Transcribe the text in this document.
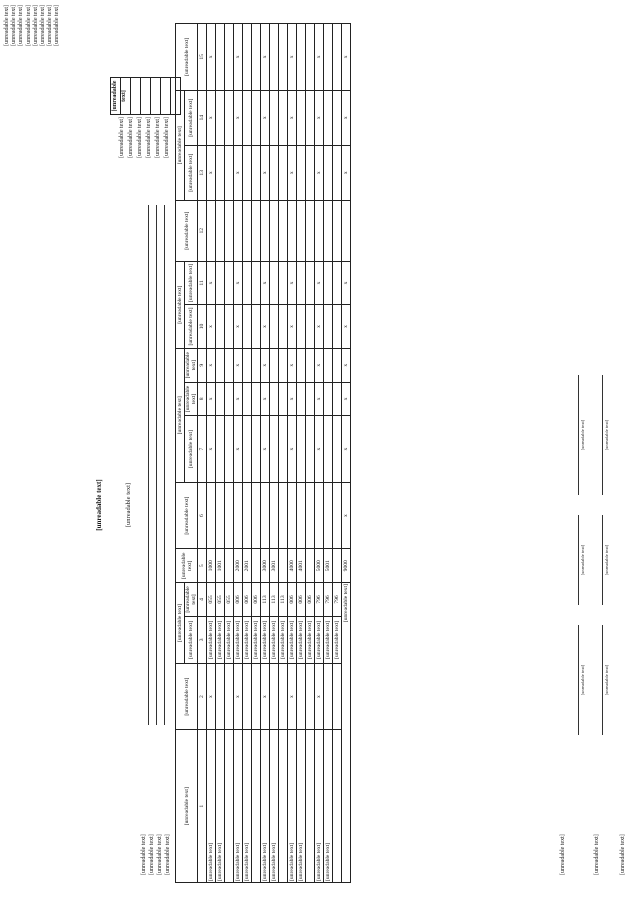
[unreadable text] [unreadable text] [unreadable text] [unreadable text] [unreadable text] [unreadable text] [unreadable text] [unreadable text]
[unreadable text] [unreadable text] [unreadable text] [unreadable text] [unreadable text] [unreadable text]
[unreadable text]
[unreadable text]	[unreadable text]
[unreadable text] [unreadable text] [unreadable text] [unreadable text]
[unreadable text]	[unreadable text]	[unreadable text]		[unreadable text]	[unreadable text]	[unreadable text]			[unreadable text]		[unreadable text]	[unreadable text]		[unreadable text]
		[unreadable text]	[unreadable text]			[unreadable text]	[unreadable text]	[unreadable text]	[unreadable text]	[unreadable text]		[unreadable text]	[unreadable text]	

1	2	3	4	5	6	7	8	9	10	11	12	13	14	15
[unreadable text]	x	[unreadable text]	055	1000		x	x	x	x	x		x	x	x
[unreadable text]		[unreadable text]	055	1001										
		[unreadable text]	055											
[unreadable text]	x	[unreadable text]	006	2000		x	x	x	x	x		x	x	x
[unreadable text]		[unreadable text]	006	2001										
		[unreadable text]	006											
[unreadable text]	x	[unreadable text]	113	3000		x	x	x	x	x		x	x	x
[unreadable text]		[unreadable text]	113	3001										
		[unreadable text]	113											
[unreadable text]	x	[unreadable text]	006	4000		x	x	x	x	x		x	x	x
[unreadable text]		[unreadable text]	006	4001										
		[unreadable text]	006											
[unreadable text]	x	[unreadable text]	796	5000		x	x	x	x	x		x	x	x
[unreadable text]		[unreadable text]	796	5001										
		[unreadable text]	796											
[unreadable text]				9000	x	x	x	x	x	x		x	x	x
[unreadable text]
[unreadable text]
[unreadable text]
[unreadable text]
[unreadable text]
[unreadable text]
[unreadable text]
[unreadable text]
[unreadable text]
